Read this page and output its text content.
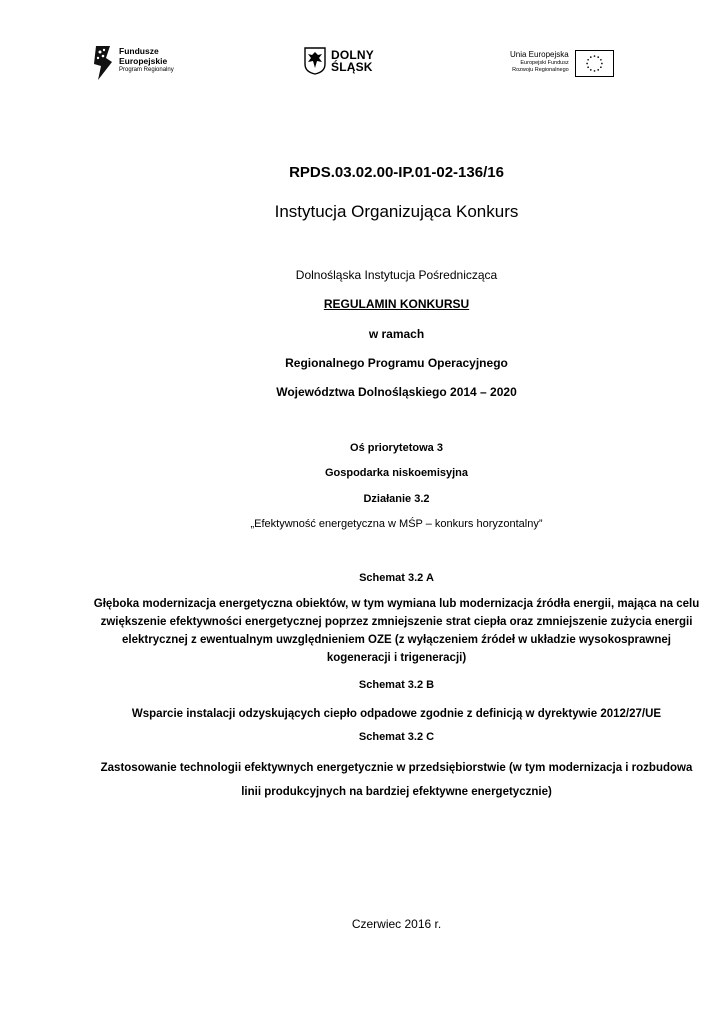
Fundusze
Europejskie
Program Regionalny
DOLNY
ŚLĄSK
Unia Europejska
Europejski Fundusz
Rozwoju Regionalnego
RPDS.03.02.00-IP.01-02-136/16
Instytucja Organizująca Konkurs
Dolnośląska Instytucja Pośrednicząca
REGULAMIN KONKURSU
w ramach
Regionalnego Programu Operacyjnego
Województwa Dolnośląskiego 2014 – 2020
Oś priorytetowa 3
Gospodarka niskoemisyjna
Działanie 3.2
„Efektywność energetyczna w MŚP – konkurs horyzontalny”
Schemat 3.2 A
Głęboka modernizacja energetyczna obiektów, w tym wymiana lub modernizacja źródła energii, mająca na celu
zwiększenie efektywności energetycznej poprzez zmniejszenie strat ciepła oraz zmniejszenie zużycia energii
elektrycznej z ewentualnym uwzględnieniem OZE (z wyłączeniem źródeł w układzie wysokosprawnej
kogeneracji i trigeneracji)
Schemat 3.2 B
Wsparcie instalacji odzyskujących ciepło odpadowe zgodnie z definicją w dyrektywie 2012/27/UE
Schemat 3.2 C
Zastosowanie technologii efektywnych energetycznie w przedsiębiorstwie (w tym modernizacja i rozbudowa
linii produkcyjnych na bardziej efektywne energetycznie)
Czerwiec 2016 r.
